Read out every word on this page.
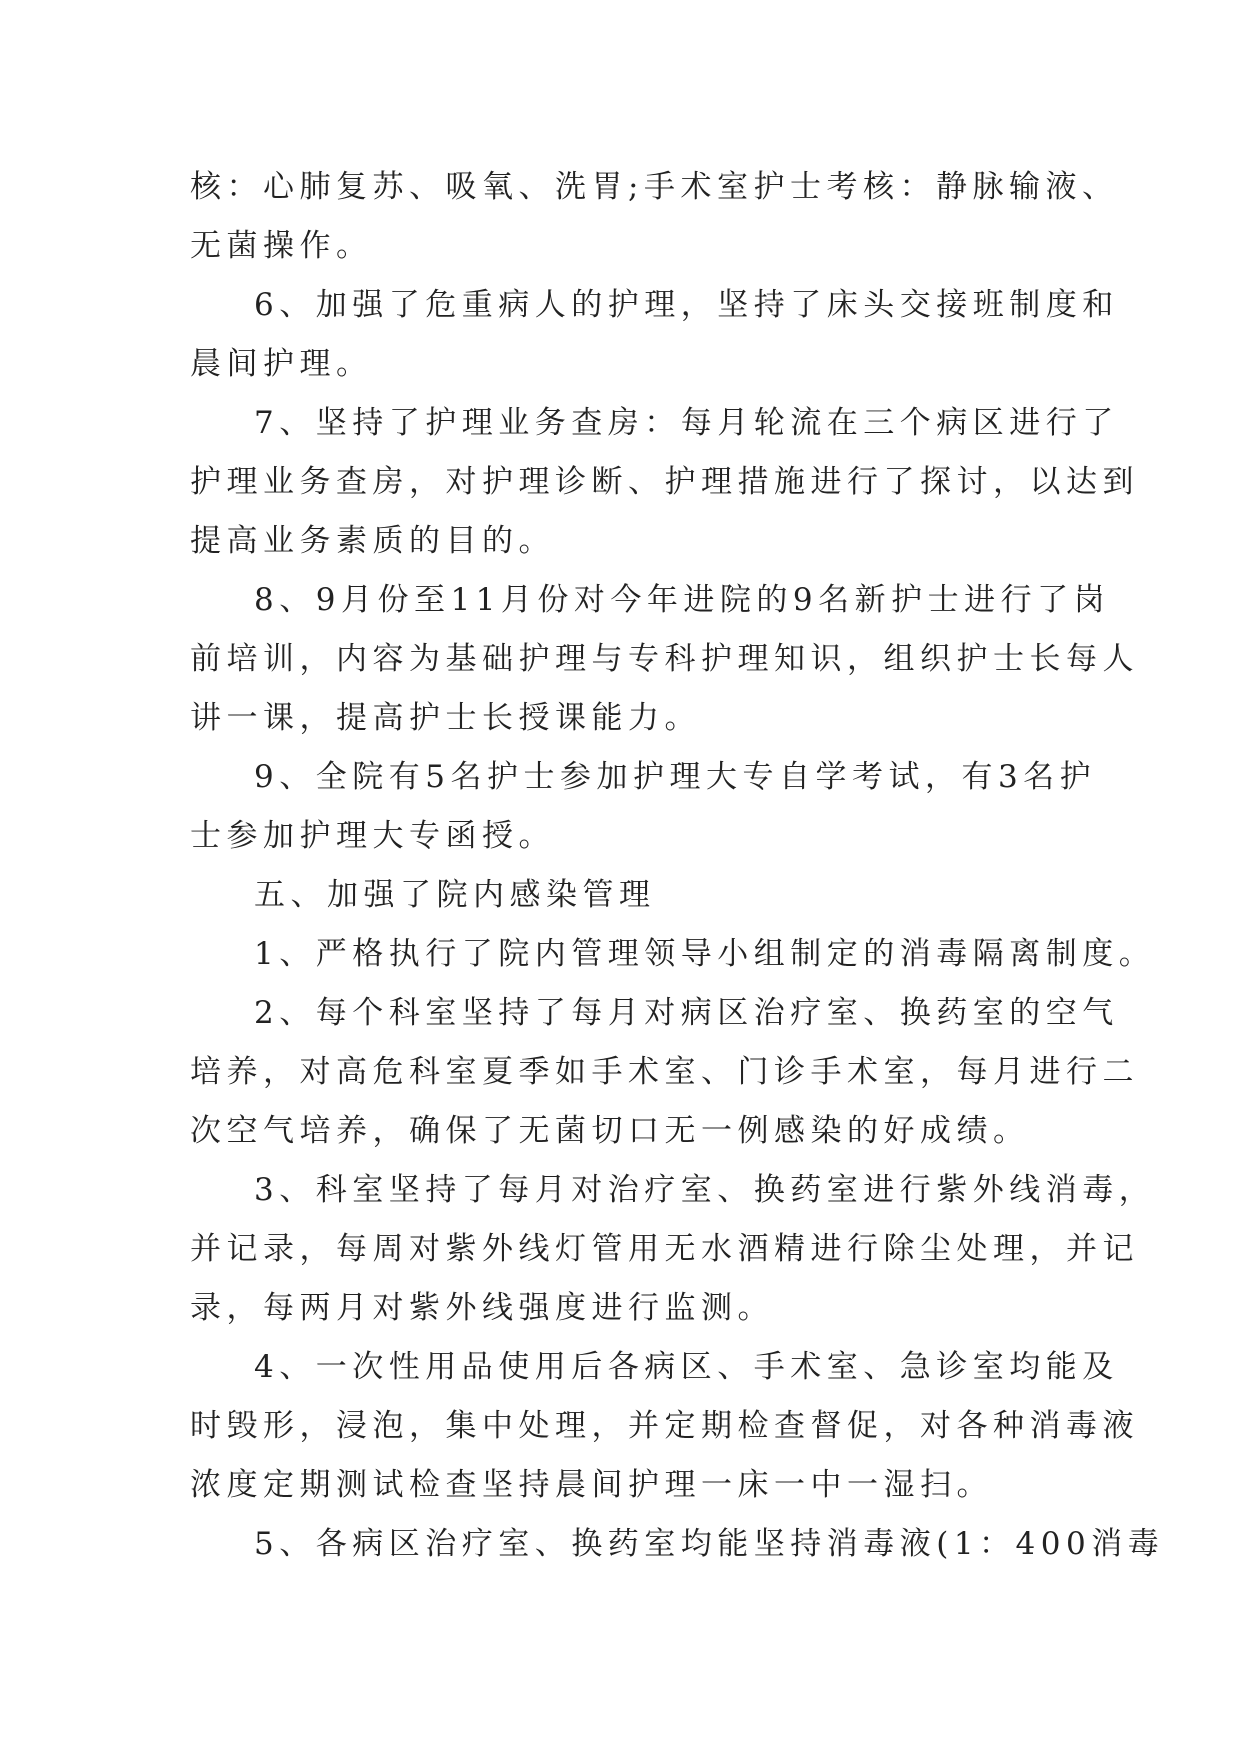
核：心肺复苏、吸氧、洗胃;手术室护士考核：静脉输液、
无菌操作。
6、加强了危重病人的护理，坚持了床头交接班制度和
晨间护理。
7、坚持了护理业务查房：每月轮流在三个病区进行了
护理业务查房，对护理诊断、护理措施进行了探讨，以达到
提高业务素质的目的。
8、9月份至11月份对今年进院的9名新护士进行了岗
前培训，内容为基础护理与专科护理知识，组织护士长每人
讲一课，提高护士长授课能力。
9、全院有5名护士参加护理大专自学考试，有3名护
士参加护理大专函授。
五、加强了院内感染管理
1、严格执行了院内管理领导小组制定的消毒隔离制度。
2、每个科室坚持了每月对病区治疗室、换药室的空气
培养，对高危科室夏季如手术室、门诊手术室，每月进行二
次空气培养，确保了无菌切口无一例感染的好成绩。
3、科室坚持了每月对治疗室、换药室进行紫外线消毒，
并记录，每周对紫外线灯管用无水酒精进行除尘处理，并记
录，每两月对紫外线强度进行监测。
4、一次性用品使用后各病区、手术室、急诊室均能及
时毁形，浸泡，集中处理，并定期检查督促，对各种消毒液
浓度定期测试检查坚持晨间护理一床一中一湿扫。
5、各病区治疗室、换药室均能坚持消毒液(1：400消毒
